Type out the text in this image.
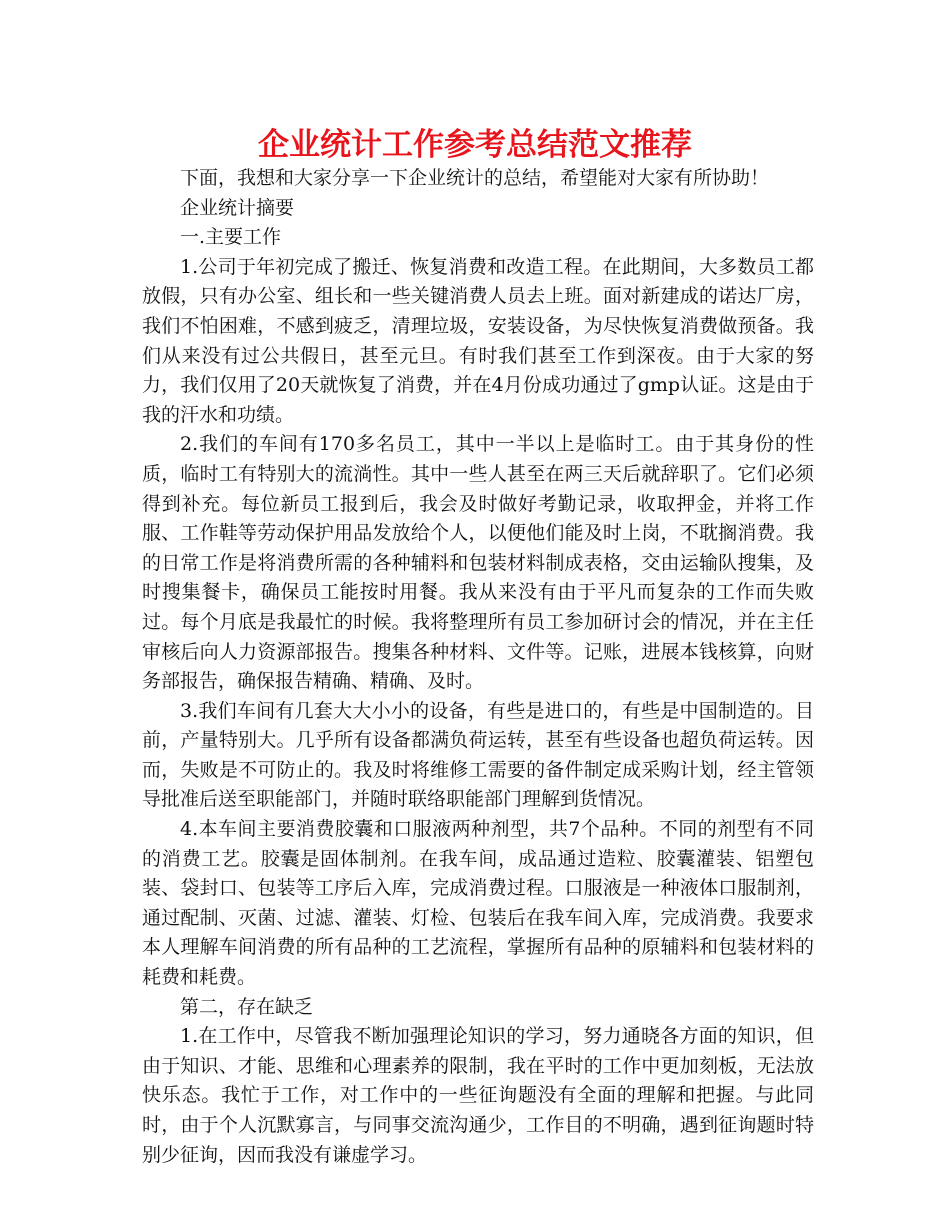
企业统计工作参考总结范文推荐

下面，我想和大家分享一下企业统计的总结，希望能对大家有所协助！

企业统计摘要

一.主要工作

1.公司于年初完成了搬迁、恢复消费和改造工程。在此期间，大多数员工都放假，只有办公室、组长和一些关键消费人员去上班。面对新建成的诺达厂房，我们不怕困难，不感到疲乏，清理垃圾，安装设备，为尽快恢复消费做预备。我们从来没有过公共假日，甚至元旦。有时我们甚至工作到深夜。由于大家的努力，我们仅用了20天就恢复了消费，并在4月份成功通过了gmp认证。这是由于我的汗水和功绩。

2.我们的车间有170多名员工，其中一半以上是临时工。由于其身份的性质，临时工有特别大的流淌性。其中一些人甚至在两三天后就辞职了。它们必须得到补充。每位新员工报到后，我会及时做好考勤记录，收取押金，并将工作服、工作鞋等劳动保护用品发放给个人，以便他们能及时上岗，不耽搁消费。我的日常工作是将消费所需的各种辅料和包装材料制成表格，交由运输队搜集，及时搜集餐卡，确保员工能按时用餐。我从来没有由于平凡而复杂的工作而失败过。每个月底是我最忙的时候。我将整理所有员工参加研讨会的情况，并在主任审核后向人力资源部报告。搜集各种材料、文件等。记账，进展本钱核算，向财务部报告，确保报告精确、精确、及时。

3.我们车间有几套大大小小的设备，有些是进口的，有些是中国制造的。目前，产量特别大。几乎所有设备都满负荷运转，甚至有些设备也超负荷运转。因而，失败是不可防止的。我及时将维修工需要的备件制定成采购计划，经主管领导批准后送至职能部门，并随时联络职能部门理解到货情况。

4.本车间主要消费胶囊和口服液两种剂型，共7个品种。不同的剂型有不同的消费工艺。胶囊是固体制剂。在我车间，成品通过造粒、胶囊灌装、铝塑包装、袋封口、包装等工序后入库，完成消费过程。口服液是一种液体口服制剂，通过配制、灭菌、过滤、灌装、灯检、包装后在我车间入库，完成消费。我要求本人理解车间消费的所有品种的工艺流程，掌握所有品种的原辅料和包装材料的耗费和耗费。

第二，存在缺乏

1.在工作中，尽管我不断加强理论知识的学习，努力通晓各方面的知识，但由于知识、才能、思维和心理素养的限制，我在平时的工作中更加刻板，无法放快乐态。我忙于工作，对工作中的一些征询题没有全面的理解和把握。与此同时，由于个人沉默寡言，与同事交流沟通少，工作目的不明确，遇到征询题时特别少征询，因而我没有谦虚学习。
